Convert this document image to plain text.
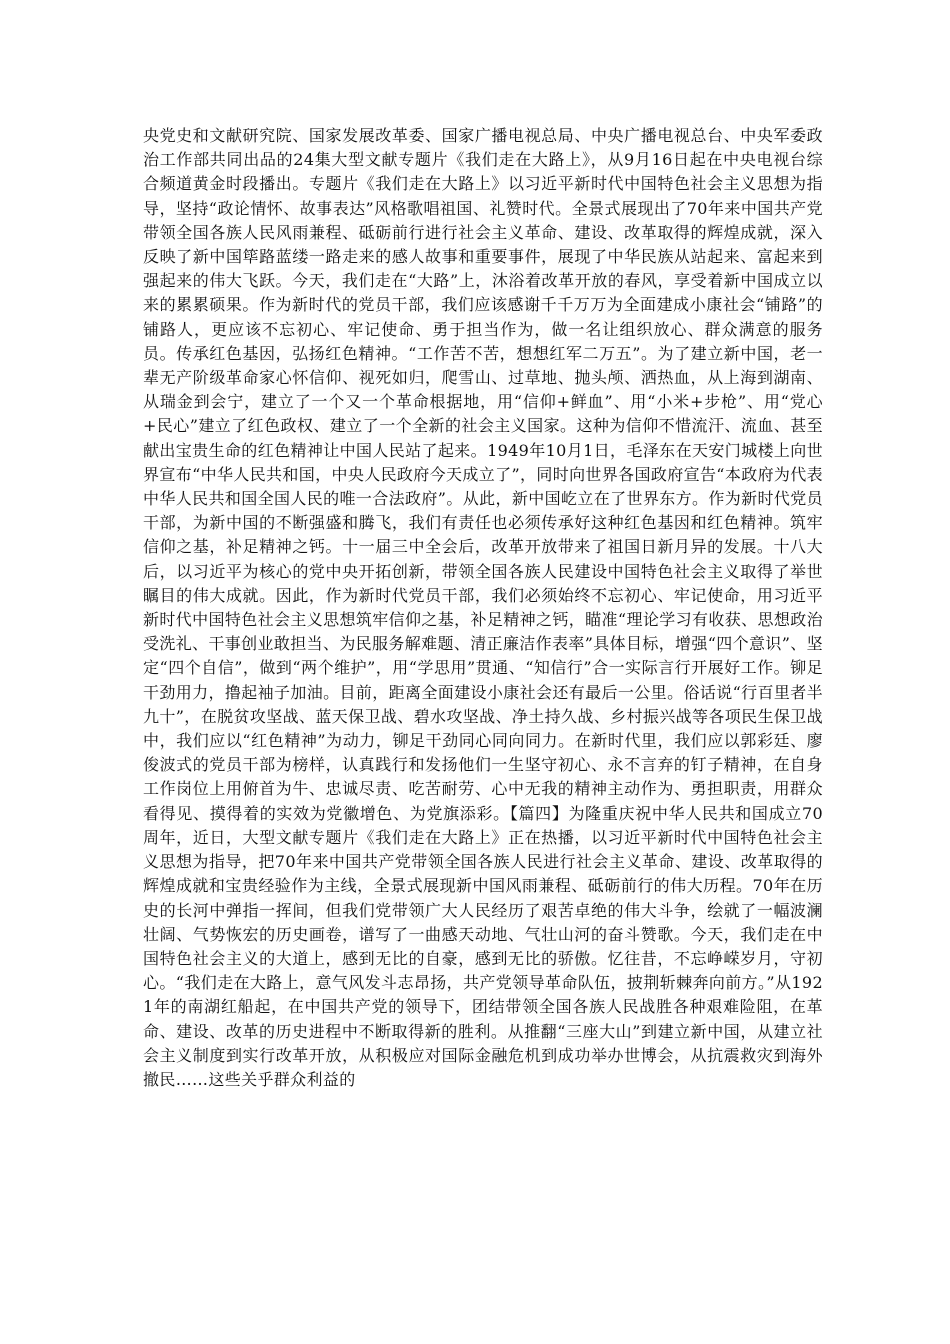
央党史和文献研究院、国家发展改革委、国家广播电视总局、中央广播电视总台、中央军委政治工作部共同出品的24集大型文献专题片《我们走在大路上》，从9月16日起在中央电视台综合频道黄金时段播出。专题片《我们走在大路上》以习近平新时代中国特色社会主义思想为指导，坚持“政论情怀、故事表达”风格歌唱祖国、礼赞时代。全景式展现出了70年来中国共产党带领全国各族人民风雨兼程、砥砺前行进行社会主义革命、建设、改革取得的辉煌成就，深入反映了新中国筚路蓝缕一路走来的感人故事和重要事件，展现了中华民族从站起来、富起来到强起来的伟大飞跃。今天，我们走在“大路”上，沐浴着改革开放的春风，享受着新中国成立以来的累累硕果。作为新时代的党员干部，我们应该感谢千千万万为全面建成小康社会“铺路”的铺路人，更应该不忘初心、牢记使命、勇于担当作为，做一名让组织放心、群众满意的服务员。传承红色基因，弘扬红色精神。“工作苦不苦，想想红军二万五”。为了建立新中国，老一辈无产阶级革命家心怀信仰、视死如归，爬雪山、过草地、抛头颅、洒热血，从上海到湖南、从瑞金到会宁，建立了一个又一个革命根据地，用“信仰+鲜血”、用“小米+步枪”、用“党心+民心”建立了红色政权、建立了一个全新的社会主义国家。这种为信仰不惜流汗、流血、甚至献出宝贵生命的红色精神让中国人民站了起来。1949年10月1日，毛泽东在天安门城楼上向世界宣布“中华人民共和国，中央人民政府今天成立了”，同时向世界各国政府宣告“本政府为代表中华人民共和国全国人民的唯一合法政府”。从此，新中国屹立在了世界东方。作为新时代党员干部，为新中国的不断强盛和腾飞，我们有责任也必须传承好这种红色基因和红色精神。筑牢信仰之基，补足精神之钙。十一届三中全会后，改革开放带来了祖国日新月异的发展。十八大后，以习近平为核心的党中央开拓创新，带领全国各族人民建设中国特色社会主义取得了举世瞩目的伟大成就。因此，作为新时代党员干部，我们必须始终不忘初心、牢记使命，用习近平新时代中国特色社会主义思想筑牢信仰之基，补足精神之钙，瞄准“理论学习有收获、思想政治受洗礼、干事创业敢担当、为民服务解难题、清正廉洁作表率”具体目标，增强“四个意识”、坚定“四个自信”，做到“两个维护”，用“学思用”贯通、“知信行”合一实际言行开展好工作。铆足干劲用力，撸起袖子加油。目前，距离全面建设小康社会还有最后一公里。俗话说“行百里者半九十”，在脱贫攻坚战、蓝天保卫战、碧水攻坚战、净土持久战、乡村振兴战等各项民生保卫战中，我们应以“红色精神”为动力，铆足干劲同心同向同力。在新时代里，我们应以郭彩廷、廖俊波式的党员干部为榜样，认真践行和发扬他们一生坚守初心、永不言弃的钉子精神，在自身工作岗位上用俯首为牛、忠诚尽责、吃苦耐劳、心中无我的精神主动作为、勇担职责，用群众看得见、摸得着的实效为党徽增色、为党旗添彩。【篇四】为隆重庆祝中华人民共和国成立70周年，近日，大型文献专题片《我们走在大路上》正在热播，以习近平新时代中国特色社会主义思想为指导，把70年来中国共产党带领全国各族人民进行社会主义革命、建设、改革取得的辉煌成就和宝贵经验作为主线，全景式展现新中国风雨兼程、砥砺前行的伟大历程。70年在历史的长河中弹指一挥间，但我们党带领广大人民经历了艰苦卓绝的伟大斗争，绘就了一幅波澜壮阔、气势恢宏的历史画卷，谱写了一曲感天动地、气壮山河的奋斗赞歌。今天，我们走在中国特色社会主义的大道上，感到无比的自豪，感到无比的骄傲。忆往昔，不忘峥嵘岁月，守初心。“我们走在大路上，意气风发斗志昂扬，共产党领导革命队伍，披荆斩棘奔向前方。”从1921年的南湖红船起，在中国共产党的领导下，团结带领全国各族人民战胜各种艰难险阻，在革命、建设、改革的历史进程中不断取得新的胜利。从推翻“三座大山”到建立新中国，从建立社会主义制度到实行改革开放，从积极应对国际金融危机到成功举办世博会，从抗震救灾到海外撤民……这些关乎群众利益的
